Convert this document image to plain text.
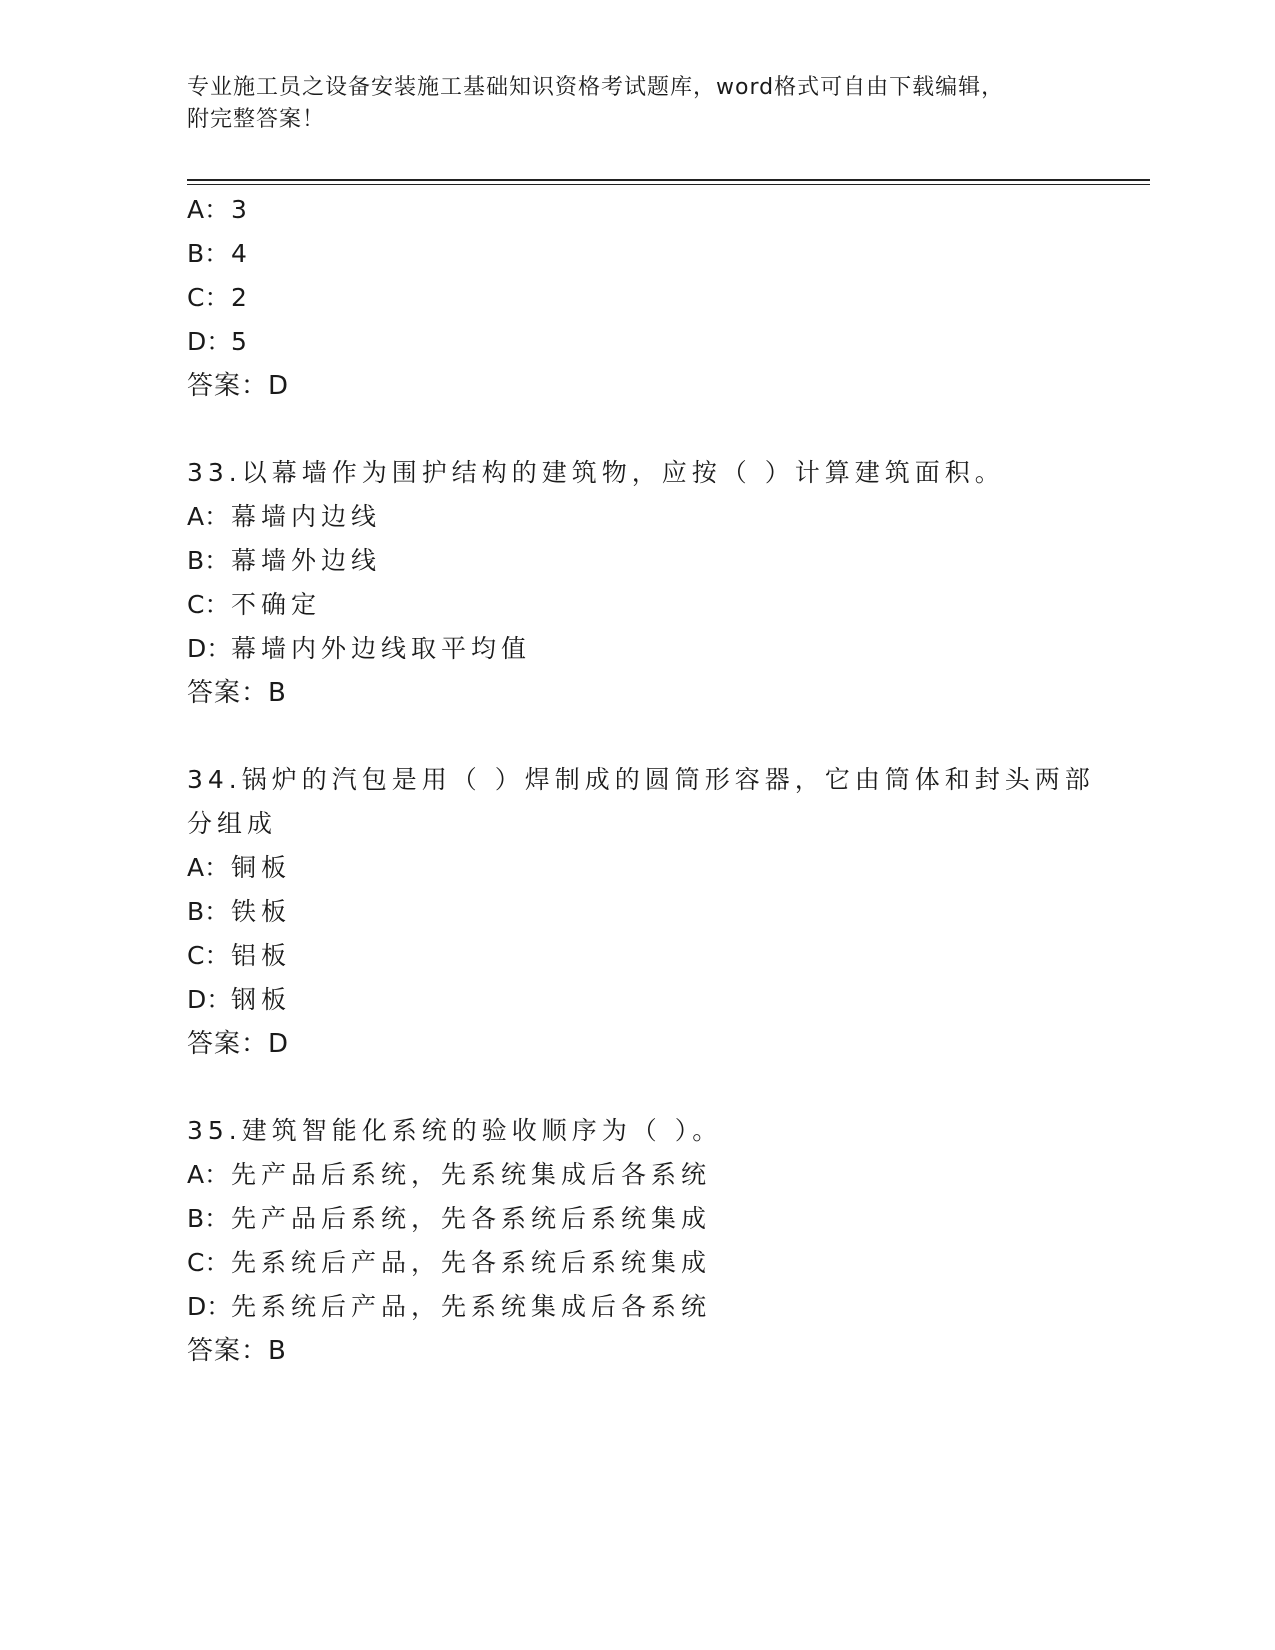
专业施工员之设备安装施工基础知识资格考试题库，word格式可自由下载编辑，
附完整答案！
A：3
B：4
C：2
D：5
答案：D
33.以幕墙作为围护结构的建筑物，应按（ ）计算建筑面积。
A：幕墙内边线
B：幕墙外边线
C：不确定
D：幕墙内外边线取平均值
答案：B
34.锅炉的汽包是用（ ）焊制成的圆筒形容器，它由筒体和封头两部
分组成
A：铜板
B：铁板
C：铝板
D：钢板
答案：D
35.建筑智能化系统的验收顺序为（ ）。
A：先产品后系统，先系统集成后各系统
B：先产品后系统，先各系统后系统集成
C：先系统后产品，先各系统后系统集成
D：先系统后产品，先系统集成后各系统
答案：B
